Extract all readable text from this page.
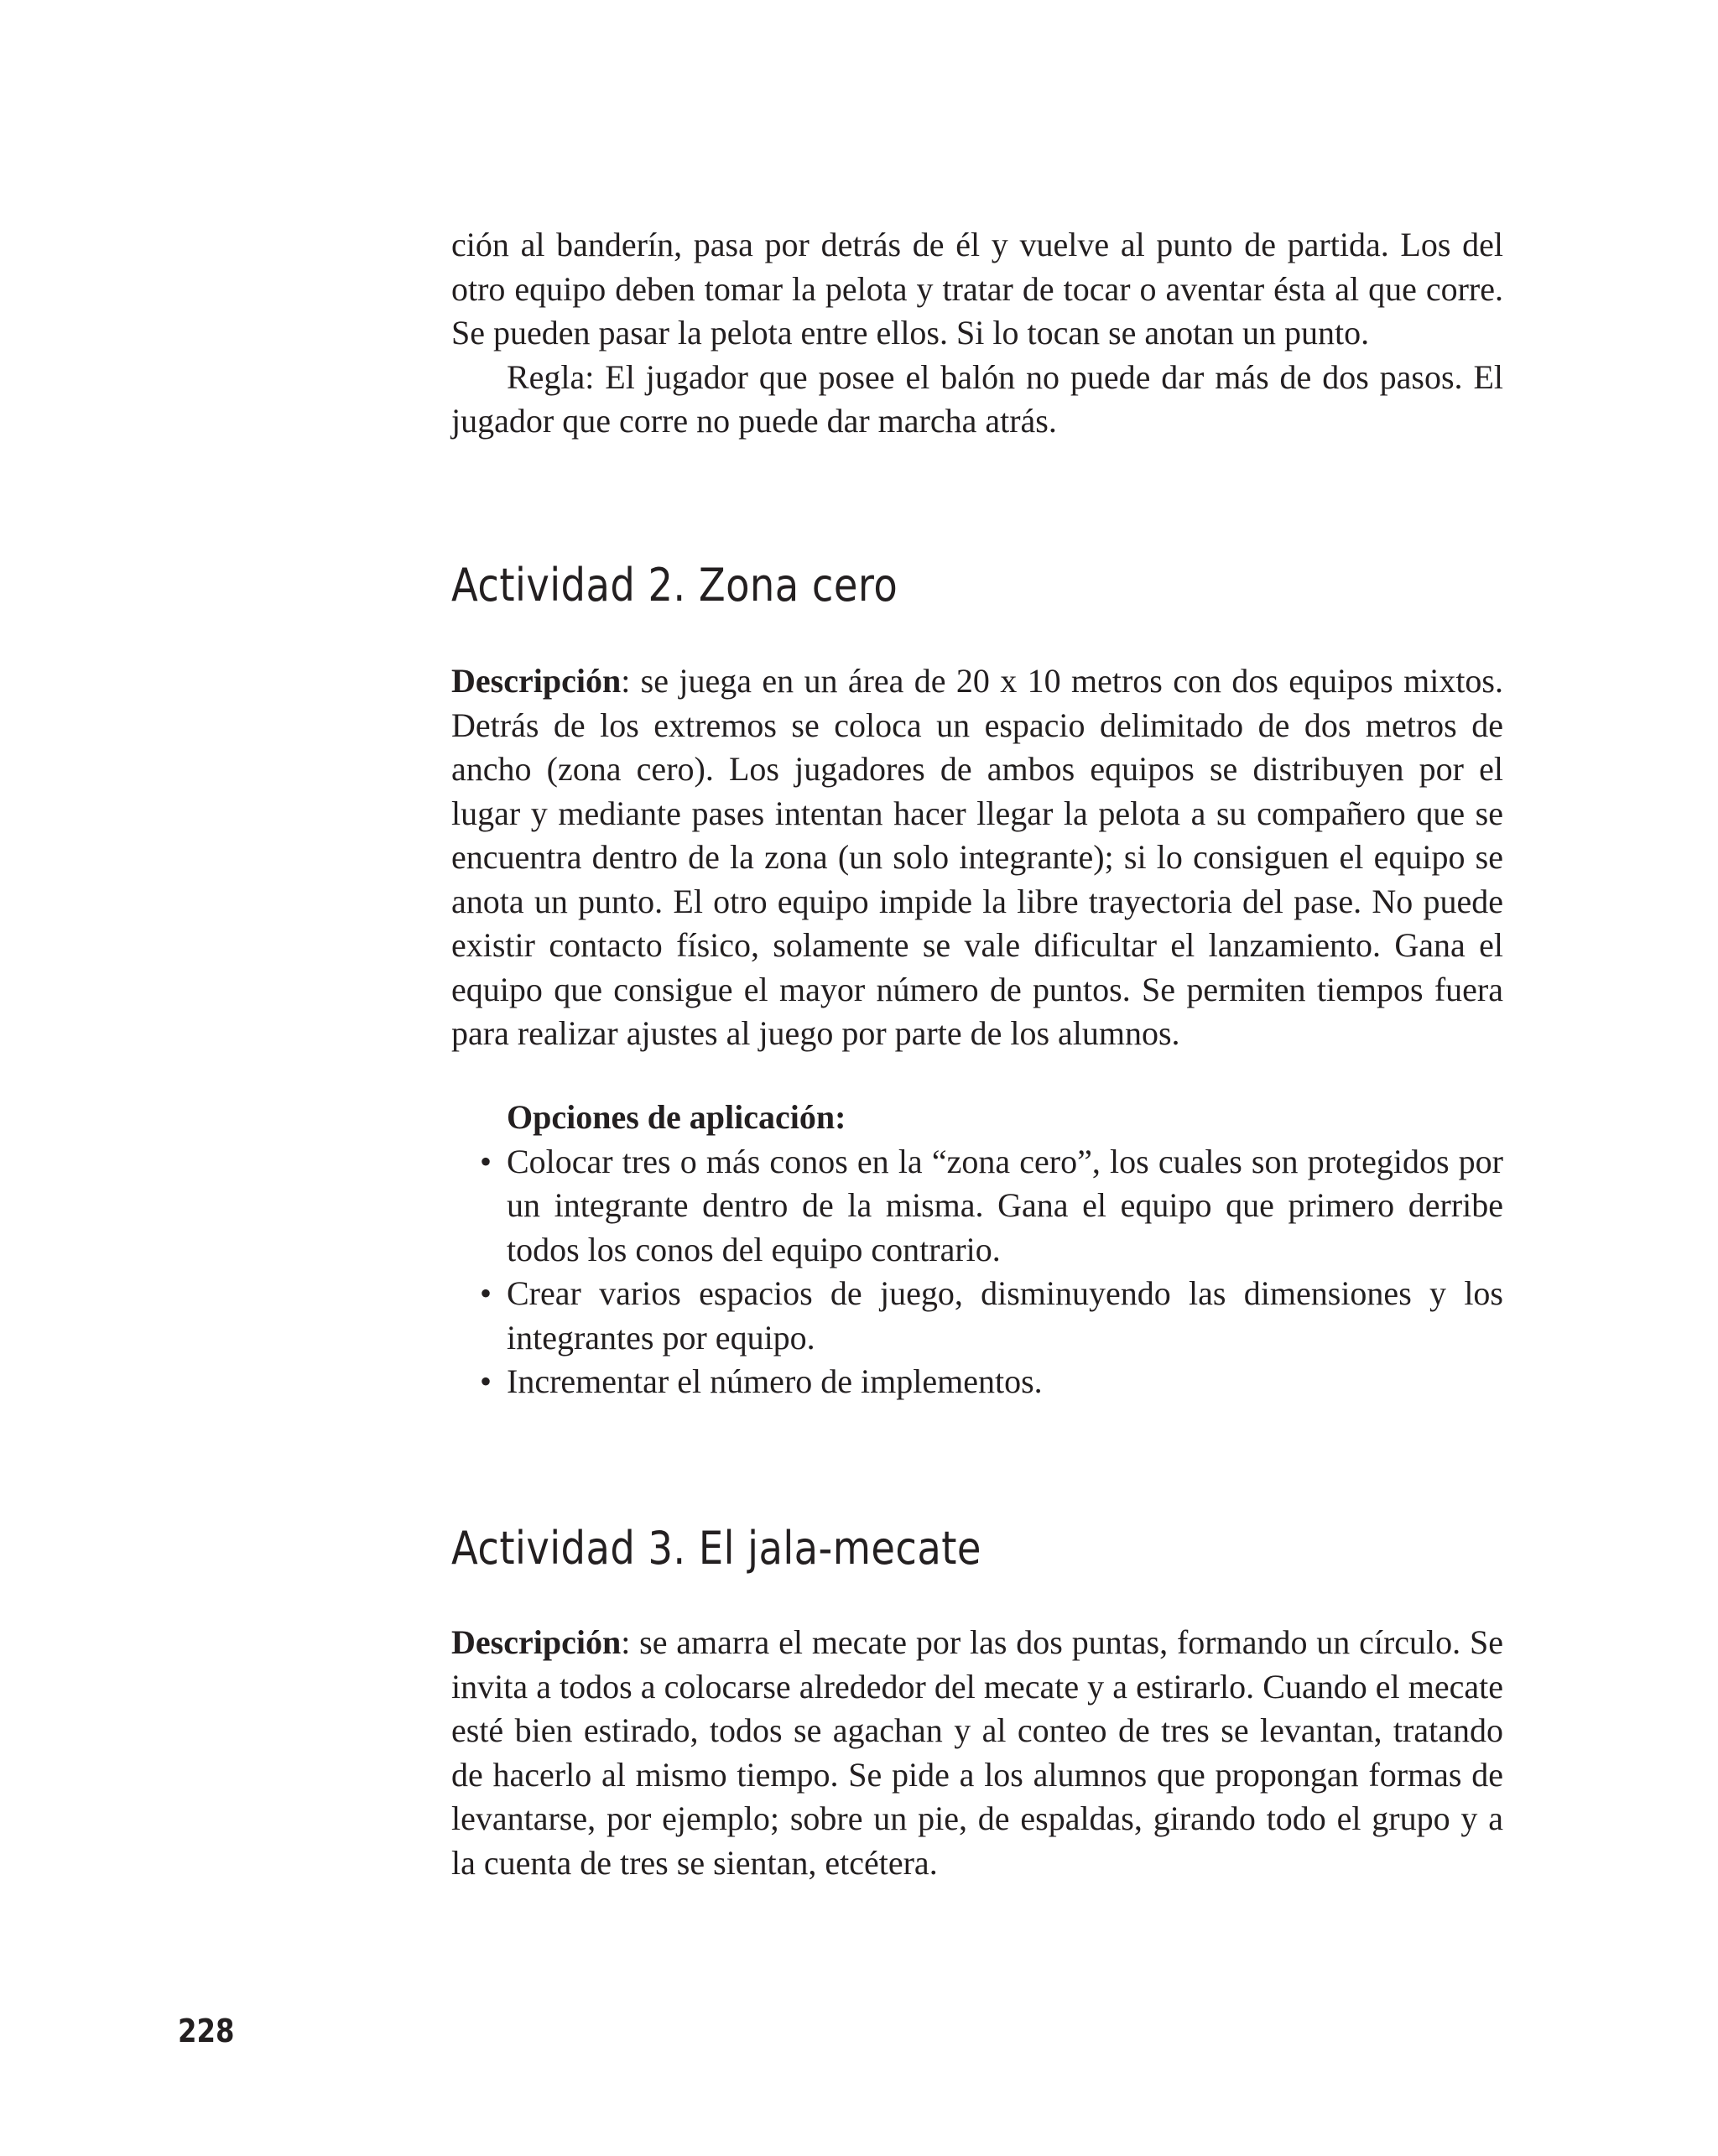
ción al banderín, pasa por detrás de él y vuelve al punto de partida. Los del otro equipo deben tomar la pelota y tratar de tocar o aventar ésta al que corre. Se pueden pasar la pelota entre ellos. Si lo tocan se anotan un punto.

Regla: El jugador que posee el balón no puede dar más de dos pasos. El jugador que corre no puede dar marcha atrás.

Actividad 2. Zona cero

Descripción: se juega en un área de 20 x 10 metros con dos equipos mixtos. Detrás de los extremos se coloca un espacio delimitado de dos metros de ancho (zona cero). Los jugadores de ambos equipos se distribuyen por el lugar y mediante pases intentan hacer llegar la pelota a su compañero que se encuentra dentro de la zona (un solo integrante); si lo consiguen el equipo se anota un punto. El otro equipo impide la libre trayectoria del pase. No puede existir contacto físico, solamente se vale dificultar el lanzamiento. Gana el equipo que consigue el mayor número de puntos. Se permiten tiempos fuera para realizar ajustes al juego por parte de los alumnos.

Opciones de aplicación:

• Colocar tres o más conos en la “zona cero”, los cuales son protegidos por un integrante dentro de la misma. Gana el equipo que primero derribe todos los conos del equipo contrario.
• Crear varios espacios de juego, disminuyendo las dimensiones y los integrantes por equipo.
• Incrementar el número de implementos.
Actividad 3. El jala-mecate

Descripción: se amarra el mecate por las dos puntas, formando un círculo. Se invita a todos a colocarse alrededor del mecate y a estirarlo. Cuando el mecate esté bien estirado, todos se agachan y al conteo de tres se levantan, tratando de hacerlo al mismo tiempo. Se pide a los alumnos que propongan formas de levantarse, por ejemplo; sobre un pie, de espaldas, girando todo el grupo y a la cuenta de tres se sientan, etcétera.

228
